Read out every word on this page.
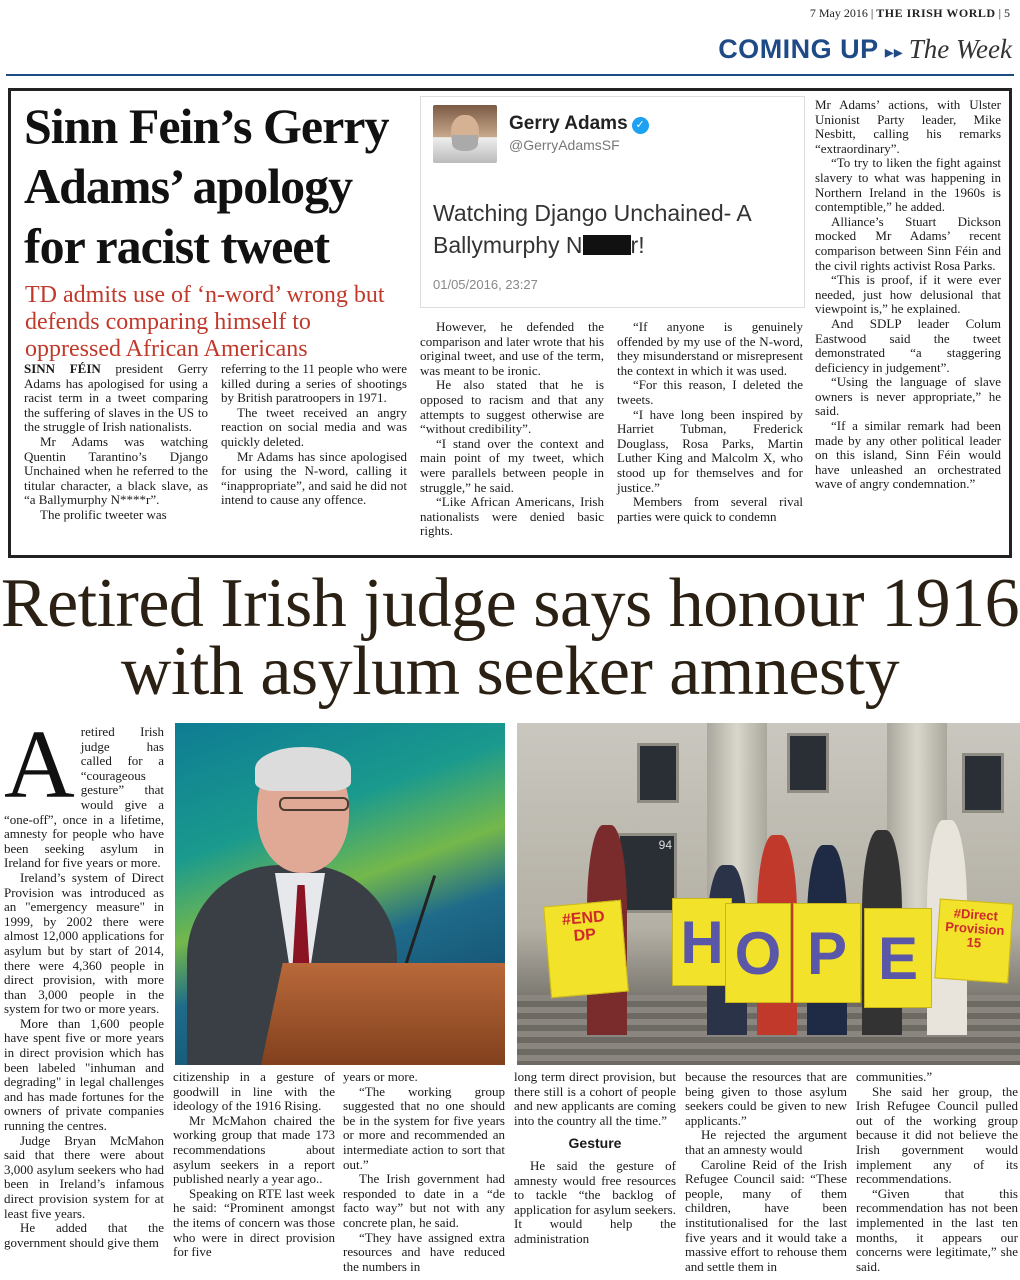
7 May 2016 | THE IRISH WORLD | 5
COMING UP ▸▸ The Week
Sinn Fein’s Gerry Adams’ apology for racist tweet
TD admits use of ‘n-word’ wrong but defends comparing himself to oppressed African Americans

SINN FÉIN president Gerry Adams has apologised for using a racist term in a tweet comparing the suffering of slaves in the US to the struggle of Irish nationalists.

Mr Adams was watching Quentin Tarantino’s Django Unchained when he referred to the titular character, a black slave, as “a Ballymurphy N****r”.

The prolific tweeter was

referring to the 11 people who were killed during a series of shootings by British paratroopers in 1971.

The tweet received an angry reaction on social media and was quickly deleted.

Mr Adams has since apologised for using the N-word, calling it “inappropriate”, and said he did not intend to cause any offence.

Gerry Adams ✓
@GerryAdamsSF
Watching Django Unchained- A Ballymurphy N r!
01/05/2016, 23:27

However, he defended the comparison and later wrote that his original tweet, and use of the term, was meant to be ironic.

He also stated that he is opposed to racism and that any attempts to suggest otherwise are “without credibility”.

“I stand over the context and main point of my tweet, which were parallels between people in struggle,” he said.

“Like African Americans, Irish nationalists were denied basic rights.

“If anyone is genuinely offended by my use of the N-word, they misunderstand or misrepresent the context in which it was used.

“For this reason, I deleted the tweets.

“I have long been inspired by Harriet Tubman, Frederick Douglass, Rosa Parks, Martin Luther King and Malcolm X, who stood up for themselves and for justice.”

Members from several rival parties were quick to condemn

Mr Adams’ actions, with Ulster Unionist Party leader, Mike Nesbitt, calling his remarks “extraordinary”.

“To try to liken the fight against slavery to what was happening in Northern Ireland in the 1960s is contemptible,” he added.

Alliance’s Stuart Dickson mocked Mr Adams’ recent comparison between Sinn Féin and the civil rights activist Rosa Parks.

“This is proof, if it were ever needed, just how delusional that viewpoint is,” he explained.

And SDLP leader Colum Eastwood said the tweet demonstrated “a staggering deficiency in judgement”.

“Using the language of slave owners is never appropriate,” he said.

“If a similar remark had been made by any other political leader on this island, Sinn Féin would have unleashed an orchestrated wave of angry condemnation.”

Retired Irish judge says honour 1916 with asylum seeker amnesty

Aretired Irish judge has called for a “courageous gesture” that would give a “one-off”, once in a lifetime, amnesty for people who have been seeking asylum in Ireland for five years or more.

Ireland’s system of Direct Provision was introduced as an "emergency measure" in 1999, by 2002 there were almost 12,000 applications for asylum but by start of 2014, there were 4,360 people in direct provision, with more than 3,000 people in the system for two or more years.

More than 1,600 people have spent five or more years in direct provision which has been labeled "inhuman and degrading" in legal challenges and has made fortunes for the owners of private companies running the centres.

Judge Bryan McMahon said that there were about 3,000 asylum seekers who had been in Ireland’s infamous direct provision system for at least five years.

He added that the government should give them

94
#END DP	H O P E
#Direct Provision 15

citizenship in a gesture of goodwill in line with the ideology of the 1916 Rising.

Mr McMahon chaired the working group that made 173 recommendations about asylum seekers in a report published nearly a year ago..

Speaking on RTE last week he said: “Prominent amongst the items of concern was those who were in direct provision for five

years or more.

“The working group suggested that no one should be in the system for five years or more and recommended an intermediate action to sort that out.”

The Irish government had responded to date in a “de facto way” but not with any concrete plan, he said.

“They have assigned extra resources and have reduced the numbers in

long term direct provision, but there still is a cohort of people and new applicants are coming into the country all the time.”

Gesture

He said the gesture of amnesty would free resources to tackle “the backlog of application for asylum seekers. It would help the administration

because the resources that are being given to those asylum seekers could be given to new applicants.”

He rejected the argument that an amnesty would

Caroline Reid of the Irish Refugee Council said: “These people, many of them children, have been institutionalised for the last five years and it would take a massive effort to rehouse them and settle them in

communities.”

She said her group, the Irish Refugee Council pulled out of the working group because it did not believe the Irish government would implement any of its recommendations.

“Given that this recommendation has not been implemented in the last ten months, it appears our concerns were legitimate,” she said.
